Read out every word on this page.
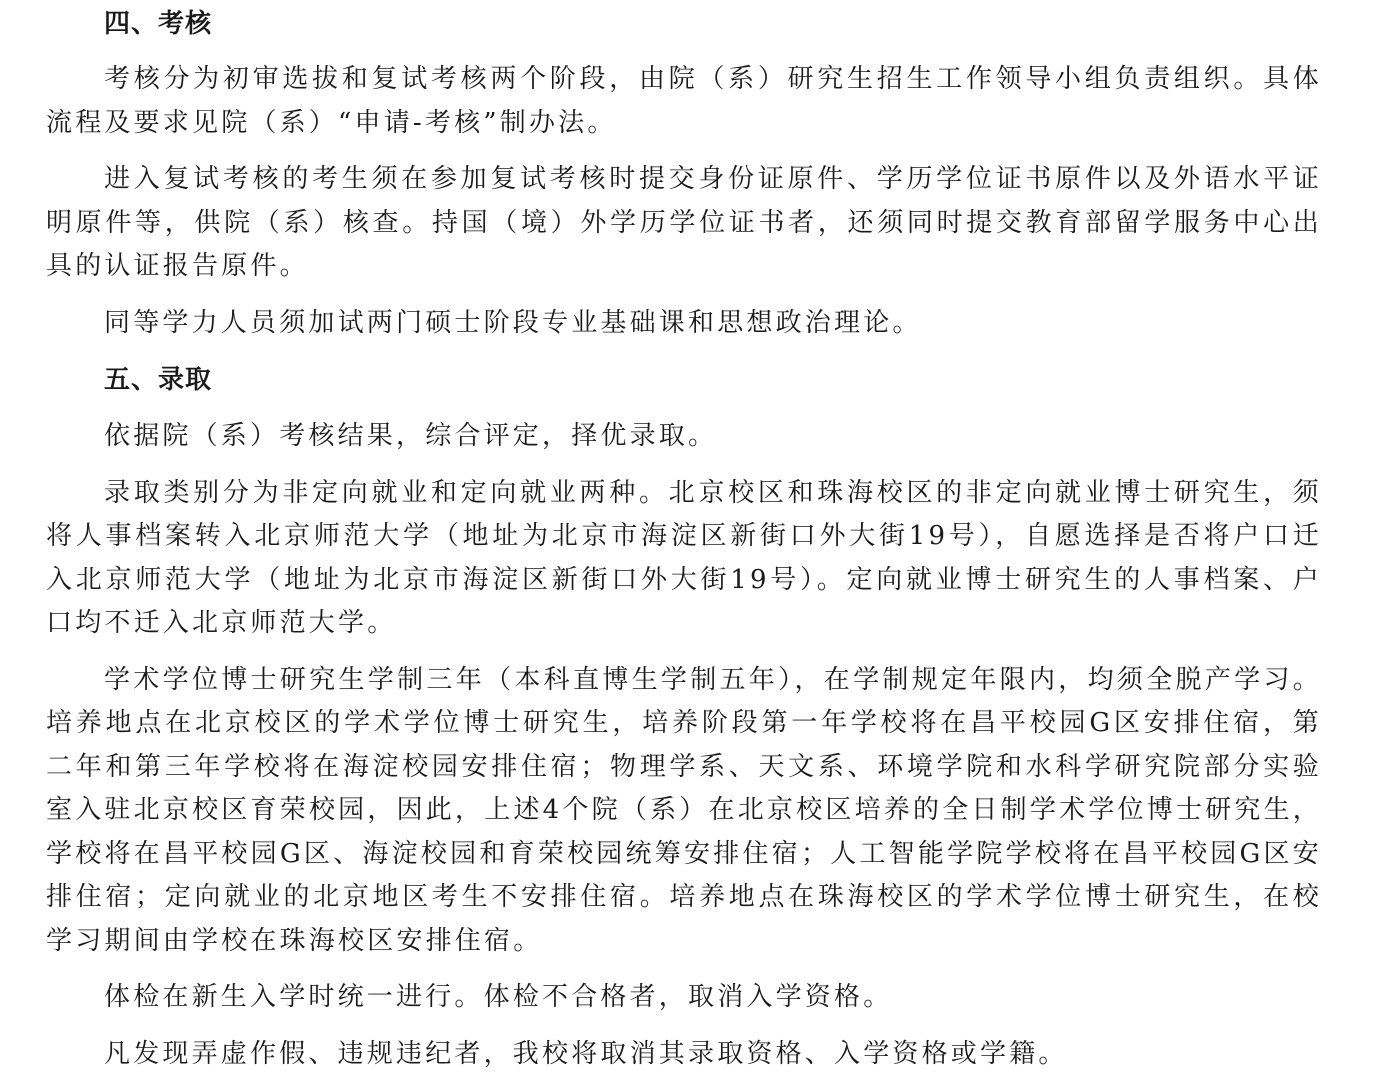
四、考核

考核分为初审选拔和复试考核两个阶段，由院（系）研究生招生工作领导小组负责组织。具体流程及要求见院（系）“申请-考核”制办法。

进入复试考核的考生须在参加复试考核时提交身份证原件、学历学位证书原件以及外语水平证明原件等，供院（系）核查。持国（境）外学历学位证书者，还须同时提交教育部留学服务中心出具的认证报告原件。

同等学力人员须加试两门硕士阶段专业基础课和思想政治理论。

五、录取

依据院（系）考核结果，综合评定，择优录取。

录取类别分为非定向就业和定向就业两种。北京校区和珠海校区的非定向就业博士研究生，须将人事档案转入北京师范大学（地址为北京市海淀区新街口外大街19号），自愿选择是否将户口迁入北京师范大学（地址为北京市海淀区新街口外大街19号）。定向就业博士研究生的人事档案、户口均不迁入北京师范大学。

学术学位博士研究生学制三年（本科直博生学制五年），在学制规定年限内，均须全脱产学习。培养地点在北京校区的学术学位博士研究生，培养阶段第一年学校将在昌平校园G区安排住宿，第二年和第三年学校将在海淀校园安排住宿；物理学系、天文系、环境学院和水科学研究院部分实验室入驻北京校区育荣校园，因此，上述4个院（系）在北京校区培养的全日制学术学位博士研究生，学校将在昌平校园G区、海淀校园和育荣校园统筹安排住宿；人工智能学院学校将在昌平校园G区安排住宿；定向就业的北京地区考生不安排住宿。培养地点在珠海校区的学术学位博士研究生，在校学习期间由学校在珠海校区安排住宿。

体检在新生入学时统一进行。体检不合格者，取消入学资格。

凡发现弄虚作假、违规违纪者，我校将取消其录取资格、入学资格或学籍。
